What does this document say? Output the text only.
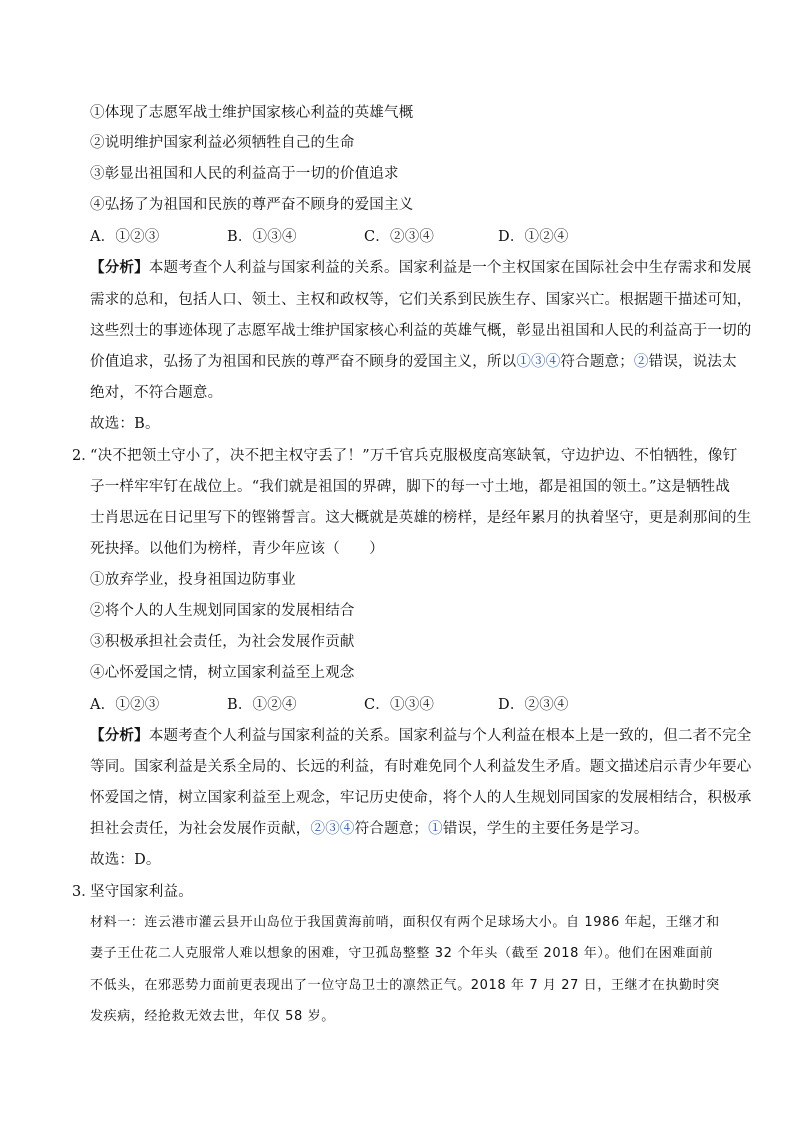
①体现了志愿军战士维护国家核心利益的英雄气概
②说明维护国家利益必须牺牲自己的生命
③彰显出祖国和人民的利益高于一切的价值追求
④弘扬了为祖国和民族的尊严奋不顾身的爱国主义
A．①②③	B．①③④	C．②③④	D．①②④
【分析】本题考查个人利益与国家利益的关系。国家利益是一个主权国家在国际社会中生存需求和发展
需求的总和，包括人口、领土、主权和政权等，它们关系到民族生存、国家兴亡。根据题干描述可知，
这些烈士的事迹体现了志愿军战士维护国家核心利益的英雄气概，彰显出祖国和人民的利益高于一切的
价值追求，弘扬了为祖国和民族的尊严奋不顾身的爱国主义，所以①③④符合题意；②错误，说法太
绝对，不符合题意。
故选：B。
2．
“决不把领土守小了，决不把主权守丢了！”万千官兵克服极度高寒缺氧，守边护边、不怕牺牲，像钉
子一样牢牢钉在战位上。“我们就是祖国的界碑，脚下的每一寸土地，都是祖国的领土。”这是牺牲战
士肖思远在日记里写下的铿锵誓言。这大概就是英雄的榜样，是经年累月的执着坚守，更是刹那间的生
死抉择。以他们为榜样，青少年应该（　　）
①放弃学业，投身祖国边防事业
②将个人的人生规划同国家的发展相结合
③积极承担社会责任，为社会发展作贡献
④心怀爱国之情，树立国家利益至上观念
A．①②③	B．①②④	C．①③④	D．②③④
【分析】本题考查个人利益与国家利益的关系。国家利益与个人利益在根本上是一致的，但二者不完全
等同。国家利益是关系全局的、长远的利益，有时难免同个人利益发生矛盾。题文描述启示青少年要心
怀爱国之情，树立国家利益至上观念，牢记历史使命，将个人的人生规划同国家的发展相结合，积极承
担社会责任，为社会发展作贡献，②③④符合题意；①错误，学生的主要任务是学习。
故选：D。
3．
坚守国家利益。
材料一：连云港市灌云县开山岛位于我国黄海前哨，面积仅有两个足球场大小。自 1986 年起，王继才和
妻子王仕花二人克服常人难以想象的困难，守卫孤岛整整 32 个年头（截至 2018 年）。他们在困难面前
不低头，在邪恶势力面前更表现出了一位守岛卫士的凛然正气。2018 年 7 月 27 日，王继才在执勤时突
发疾病，经抢救无效去世，年仅 58 岁。
